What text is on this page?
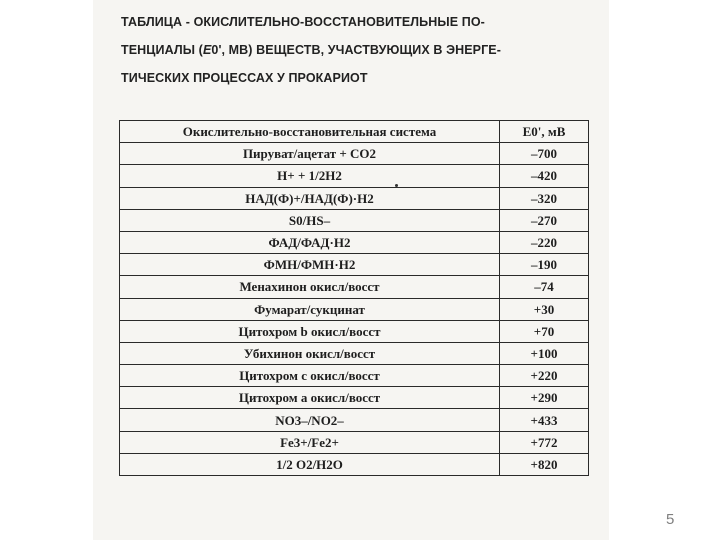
ТАБЛИЦА - ОКИСЛИТЕЛЬНО-ВОССТАНОВИТЕЛЬНЫЕ ПО-
ТЕНЦИАЛЫ (E0', МВ) ВЕЩЕСТВ, УЧАСТВУЮЩИХ В ЭНЕРГЕ-
ТИЧЕСКИХ ПРОЦЕССАХ У ПРОКАРИОТ
Окислительно-восстановительная система	E0', мВ
Пируват/ацетат + CO2	–700
H+ + 1/2H2	–420
НАД(Ф)+/НАД(Ф)·H2	–320
S0/HS–	–270
ФАД/ФАД·H2	–220
ФМН/ФМН·H2	–190
Менахинон окисл/восст	–74
Фумарат/сукцинат	+30
Цитохром b окисл/восст	+70
Убихинон окисл/восст	+100
Цитохром c окисл/восст	+220
Цитохром a окисл/восст	+290
NO3–/NO2–	+433
Fe3+/Fe2+	+772
1/2 O2/H2O	+820
5
